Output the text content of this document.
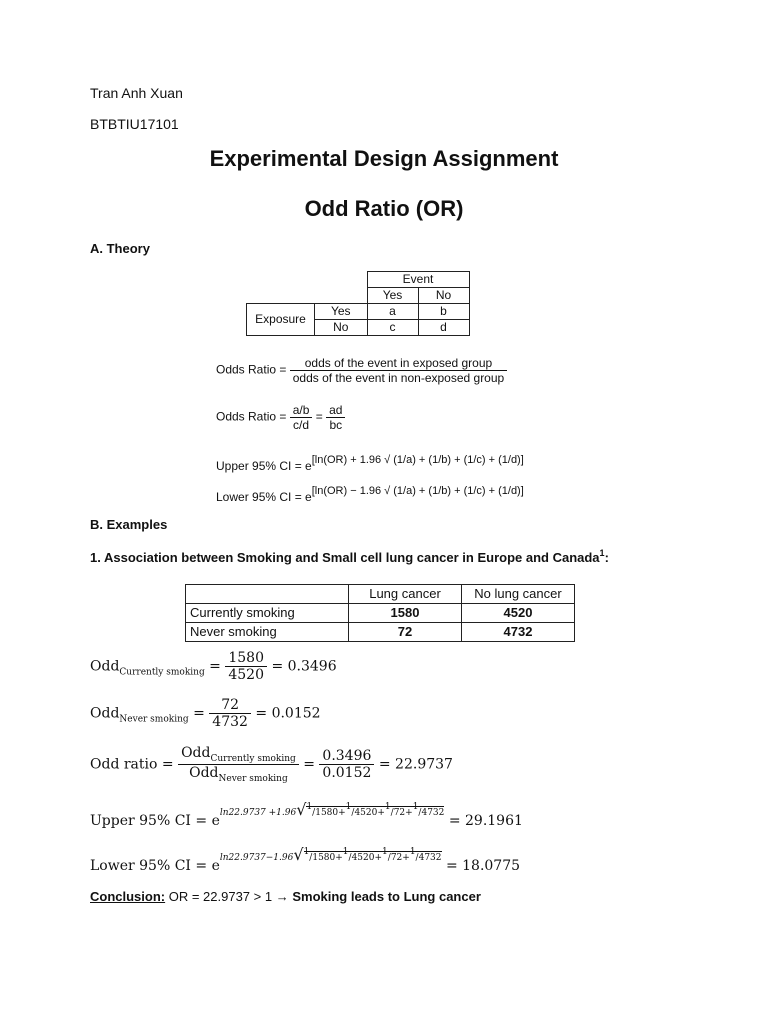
Tran Anh Xuan
BTBTIU17101
Experimental Design Assignment
Odd Ratio (OR)
A. Theory
		Event	
		Yes	No
Exposure	Yes	a	b
	No	c	d
Odds Ratio = $\frac{\text{odds of the event in exposed group}}{\text{odds of the event in non-exposed group}}$
Odds Ratio = $\frac{a/b}{c/d} = \frac{ad}{bc}$
Upper 95% CI = e[ln(OR) + 1.96 √ (1/a) + (1/b) + (1/c) + (1/d)]
Lower 95% CI = e[ln(OR) − 1.96 √ (1/a) + (1/b) + (1/c) + (1/d)]
B. Examples
1. Association between Smoking and Small cell lung cancer in Europe and Canada$^1$:
	Lung cancer	No lung cancer
Currently smoking	1580	4520
Never smoking	72	4732
$Odd_{Currently smoking} = \frac{1580}{4520} = 0.3496$
$Odd_{Never smoking} = \frac{72}{4732} = 0.0152$
Odd ratio = $\frac{Odd_{Currently smoking}}{Odd_{Never smoking}} = \frac{0.3496}{0.0152} = 22.9737$
Upper 95% CI = $e^{ln22.9737 +1.96√1/1580+1/4520+1/72+1/4732} = 29.1961$
Lower 95% CI = $e^{ln22.9737-1.96√1/1580+1/4520+1/72+1/4732} = 18.0775$
Conclusion: OR = 22.9737 > 1 → Smoking leads to Lung cancer
